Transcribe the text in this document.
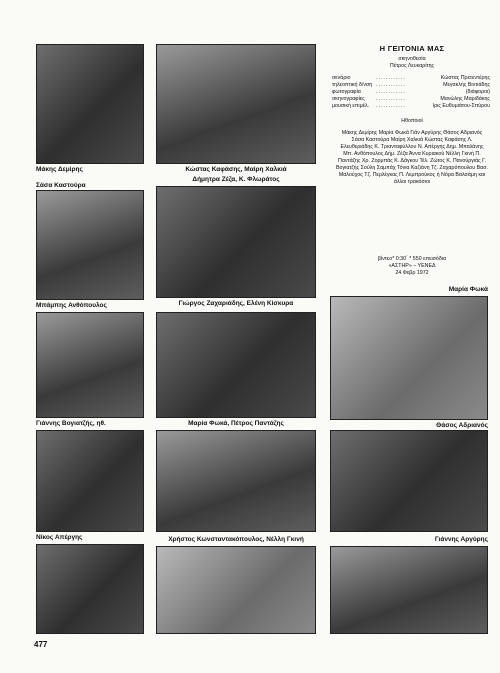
Μάκης Δεμίρης	Κώστας Καφάσης, Μαίρη Χαλκιά
Σάσα Καστούρα
Μπάμπης Ανθόπουλος
Δήμητρα Ζέζα, Κ. Φλωράτος
Γιώργος Ζαχαριάδης, Ελένη Κίσκυρα
Η ΓΕΙΤΟΝΙΑ ΜΑΣ
σκηνοθεσία
Πέτρος Λευκαρίτης
σενάριο	............	Κώστας Πρετεντέρης
τηλεοπτική δ/νση ............	Μεγακλής Βιντιάδης
φωτογραφία	............	(διάφοροι)
σκηνογραφίες ............	Μανώλης Μαριδάκης
μουσική επιμέλ. ............	Ιρις Ευθυμιάτου-Σπύρου
Ηθοποιοί
Μάκης Δεμίρης Μαρία Φωκά Γιάν Αργύρης Θάσος Αδριανός Σάσα Καστούρα Μαίρη Χαλκιά Κώστας Καφάσης Λ. Ελευθεριάδης Κ. Τριανταφύλλου Ν. Απέργης Δημ. Μπαλάνης Μπ. Ανθόπουλος Δήμ. Ζέζα Άννα Κυριακού Νέλλη Γκινή Π. Παντάζης Χρ. Ζορμπάς Κ. Δάγκου Τέλ. Ζώτος Κ. Πανούργιάς Γ. Βογιατζής Σούλη Σαμπάχ Τόνια Καζιάνη Τζ. Ζαχαρόπουλου Βασ. Μαλούχος Τζ. Περλέγκας Π. Λεμπρούκος ή Νόρα Βαλσάμη και άλλοι τρακόσιοι
βίντεο* 0:30΄ * 550 επεισόδια
«ΑΣΤΗΡ» – ΥΕΝΕΔ
24 Φεβρ 1972
Μαρία Φωκά
Γιάννης Βογιατζής, ηθ.	Μαρία Φωκά, Πέτρος Παντάζης	Θάσος Αδριανός
Νίκος Απέργης	Χρήστος Κωνσταντακόπουλος, Νέλλη Γκινή	Γιάννης Αργύρης
477
